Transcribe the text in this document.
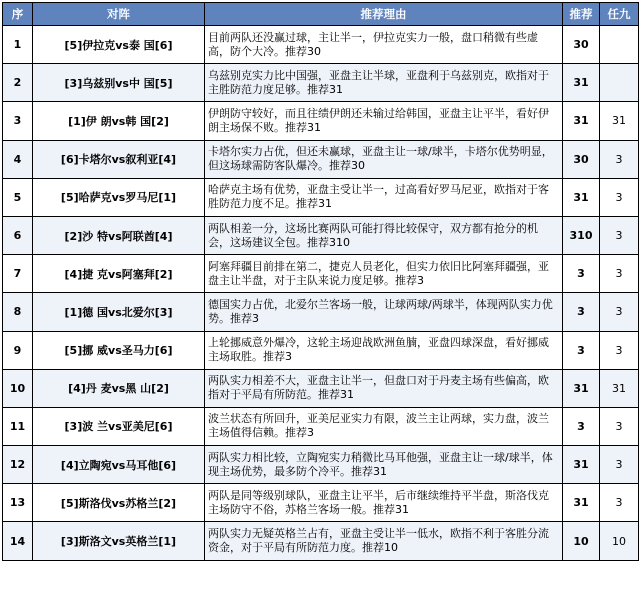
序	对阵	推荐理由	推荐	任九
1	[5]伊拉克vs泰 国[6]	目前两队还没赢过球，主让半一，伊拉克实力一般，盘口稍微有些虚高，防个大冷。推荐30	30	
2	[3]乌兹别vs中 国[5]	乌兹别克实力比中国强，亚盘主让半球，亚盘利于乌兹别克，欧指对于主胜防范力度足够。推荐31	31	
3	[1]伊 朗vs韩 国[2]	伊朗防守较好，而且往绩伊朗还未输过给韩国，亚盘主让平半，看好伊朗主场保不败。推荐31	31	31
4	[6]卡塔尔vs叙利亚[4]	卡塔尔实力占优，但还未赢球，亚盘主让一球/球半，卡塔尔优势明显，但这场球需防客队爆冷。推荐30	30	3
5	[5]哈萨克vs罗马尼[1]	哈萨克主场有优势，亚盘主受让半一，过高看好罗马尼亚，欧指对于客胜防范力度不足。推荐31	31	3
6	[2]沙 特vs阿联酋[4]	两队相差一分，这场比赛两队可能打得比较保守，双方都有抢分的机会，这场建议全包。推荐310	310	3
7	[4]捷 克vs阿塞拜[2]	阿塞拜疆目前排在第二，捷克人员老化，但实力依旧比阿塞拜疆强，亚盘主让半盘，对于主队来说力度足够。推荐3	3	3
8	[1]德 国vs北爱尔[3]	德国实力占优，北爱尔兰客场一般，让球两球/两球半，体现两队实力优势。推荐3	3	3
9	[5]挪 威vs圣马力[6]	上轮挪威意外爆冷，这轮主场迎战欧洲鱼腩，亚盘四球深盘，看好挪威主场取胜。推荐3	3	3
10	[4]丹 麦vs黑 山[2]	两队实力相差不大，亚盘主让半一，但盘口对于丹麦主场有些偏高，欧指对于平局有所防范。推荐31	31	31
11	[3]波 兰vs亚美尼[6]	波兰状态有所回升，亚美尼亚实力有限，波兰主让两球，实力盘，波兰主场值得信赖。推荐3	3	3
12	[4]立陶宛vs马耳他[6]	两队实力相比较，立陶宛实力稍微比马耳他强，亚盘主让一球/球半，体现主场优势，最多防个冷平。推荐31	31	3
13	[5]斯洛伐vs苏格兰[2]	两队是同等级别球队，亚盘主让平半，后市继续维持平半盘，斯洛伐克主场防守不俗，苏格兰客场一般。推荐31	31	3
14	[3]斯洛文vs英格兰[1]	两队实力无疑英格兰占有，亚盘主受让半一低水，欧指不利于客胜分流资金，对于平局有所防范力度。推荐10	10	10
